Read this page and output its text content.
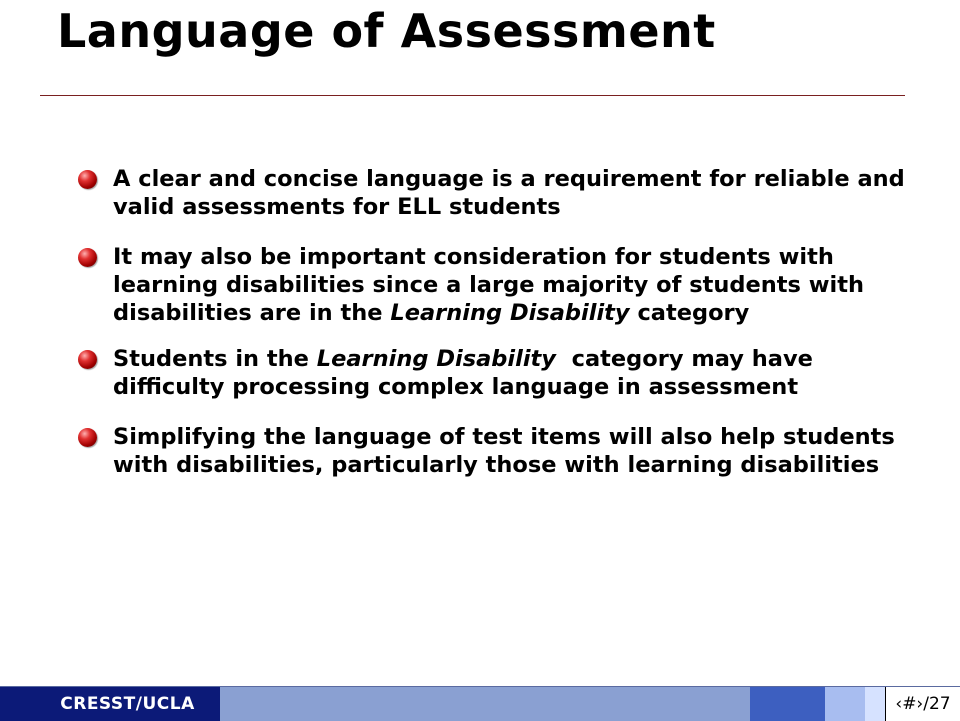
Language of Assessment
A clear and concise language is a requirement for reliable and valid assessments for ELL students
It may also be important consideration for students with learning disabilities since a large majority of students with disabilities are in the Learning Disability category
Students in the Learning Disability  category may have difficulty processing complex language in assessment
Simplifying the language of test items will also help students with disabilities, particularly those with learning disabilities
CRESST/UCLA	‹#›/27
